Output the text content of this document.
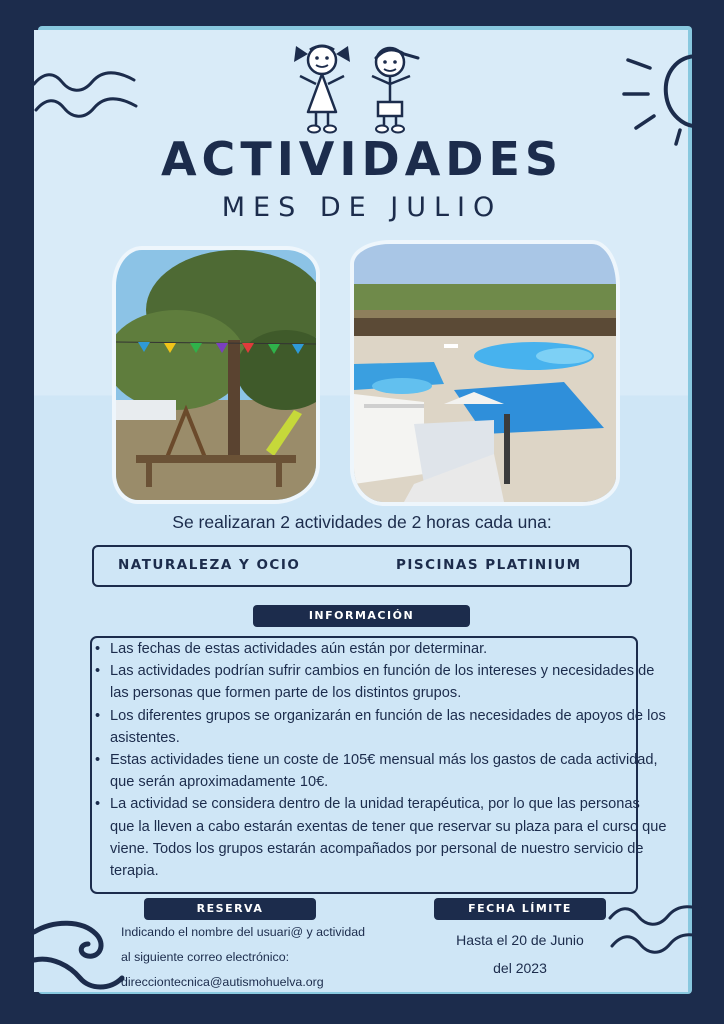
ACTIVIDADES
MES DE JULIO
Se realizaran 2 actividades de 2 horas cada una:
NATURALEZA Y OCIO	PISCINAS PLATINIUM
INFORMACIÓN
• Las fechas de estas actividades aún están por determinar.
• Las actividades podrían sufrir cambios en función de los intereses y necesidades de las personas que formen parte de los distintos grupos.
• Los diferentes grupos se organizarán en función de las necesidades de apoyos de los asistentes.
• Estas actividades tiene un coste de 105€ mensual más los gastos de cada actividad, que serán aproximadamente 10€.
• La actividad se considera dentro de la unidad terapéutica, por lo que las personas que la lleven a cabo estarán exentas de tener que reservar su plaza para el curso que viene. Todos los grupos estarán acompañados por personal de nuestro servicio de terapia.
RESERVA	FECHA LÍMITE
Indicando el nombre del usuari@ y actividad
al siguiente correo electrónico:
direcciontecnica@autismohuelva.org
Hasta el 20 de Junio
del 2023
